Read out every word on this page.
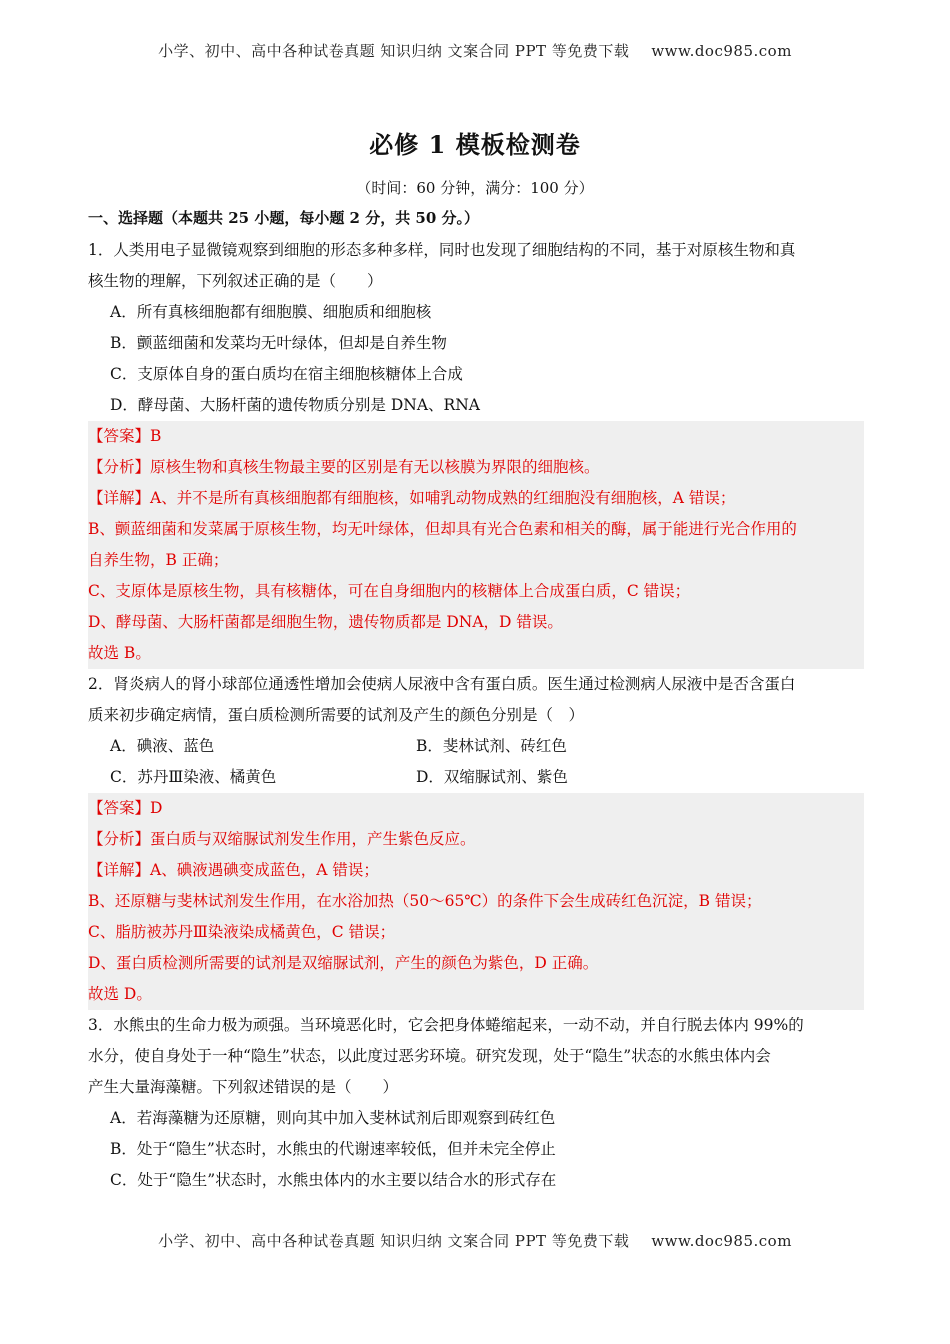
小学、初中、高中各种试卷真题 知识归纳 文案合同 PPT 等免费下载 www.doc985.com
必修 1 模板检测卷
（时间：60 分钟，满分：100 分）
一、选择题（本题共 25 小题，每小题 2 分，共 50 分。）
1．人类用电子显微镜观察到细胞的形态多种多样，同时也发现了细胞结构的不同，基于对原核生物和真
核生物的理解，下列叙述正确的是（　　）
A．所有真核细胞都有细胞膜、细胞质和细胞核
B．颤蓝细菌和发菜均无叶绿体，但却是自养生物
C．支原体自身的蛋白质均在宿主细胞核糖体上合成
D．酵母菌、大肠杆菌的遗传物质分别是 DNA、RNA
【答案】B
【分析】原核生物和真核生物最主要的区别是有无以核膜为界限的细胞核。
【详解】A、并不是所有真核细胞都有细胞核，如哺乳动物成熟的红细胞没有细胞核，A 错误；
B、颤蓝细菌和发菜属于原核生物，均无叶绿体，但却具有光合色素和相关的酶，属于能进行光合作用的
自养生物，B 正确；
C、支原体是原核生物，具有核糖体，可在自身细胞内的核糖体上合成蛋白质，C 错误；
D、酵母菌、大肠杆菌都是细胞生物，遗传物质都是 DNA，D 错误。
故选 B。
2．肾炎病人的肾小球部位通透性增加会使病人尿液中含有蛋白质。医生通过检测病人尿液中是否含蛋白
质来初步确定病情，蛋白质检测所需要的试剂及产生的颜色分别是（　）
A．碘液、蓝色	B．斐林试剂、砖红色
C．苏丹Ⅲ染液、橘黄色	D．双缩脲试剂、紫色
【答案】D
【分析】蛋白质与双缩脲试剂发生作用，产生紫色反应。
【详解】A、碘液遇碘变成蓝色，A 错误；
B、还原糖与斐林试剂发生作用，在水浴加热（50～65℃）的条件下会生成砖红色沉淀，B 错误；
C、脂肪被苏丹Ⅲ染液染成橘黄色，C 错误；
D、蛋白质检测所需要的试剂是双缩脲试剂，产生的颜色为紫色，D 正确。
故选 D。
3．水熊虫的生命力极为顽强。当环境恶化时，它会把身体蜷缩起来，一动不动，并自行脱去体内 99%的
水分，使自身处于一种“隐生”状态，以此度过恶劣环境。研究发现，处于“隐生”状态的水熊虫体内会
产生大量海藻糖。下列叙述错误的是（　　）
A．若海藻糖为还原糖，则向其中加入斐林试剂后即观察到砖红色
B．处于“隐生”状态时，水熊虫的代谢速率较低，但并未完全停止
C．处于“隐生”状态时，水熊虫体内的水主要以结合水的形式存在
小学、初中、高中各种试卷真题 知识归纳 文案合同 PPT 等免费下载 www.doc985.com
